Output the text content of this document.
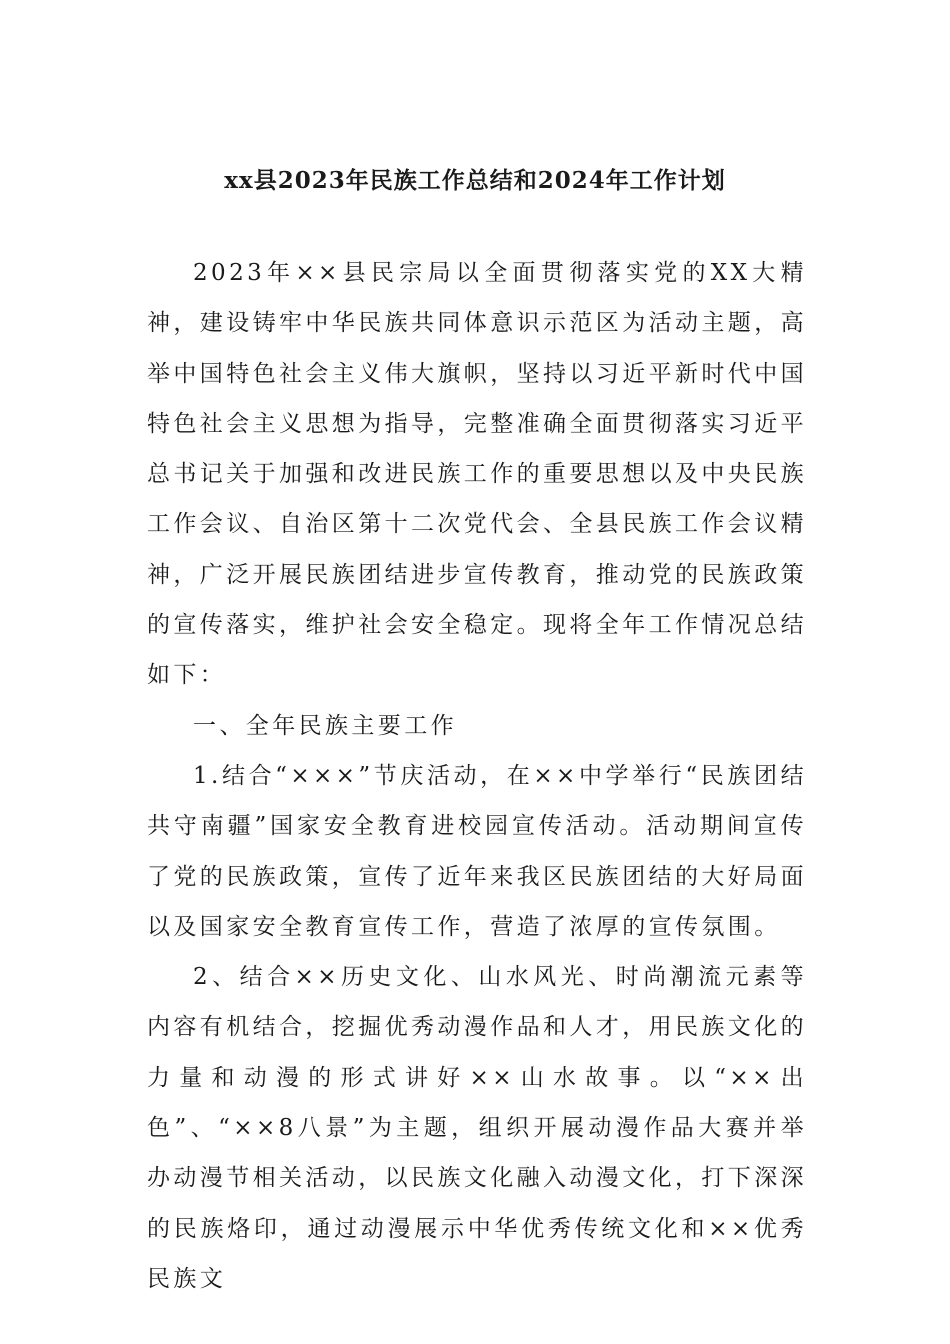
xx县2023年民族工作总结和2024年工作计划

2023年××县民宗局以全面贯彻落实党的XX大精神，建设铸牢中华民族共同体意识示范区为活动主题，高举中国特色社会主义伟大旗帜，坚持以习近平新时代中国特色社会主义思想为指导，完整准确全面贯彻落实习近平总书记关于加强和改进民族工作的重要思想以及中央民族工作会议、自治区第十二次党代会、全县民族工作会议精神，广泛开展民族团结进步宣传教育，推动党的民族政策的宣传落实，维护社会安全稳定。现将全年工作情况总结如下：

一、全年民族主要工作

1.结合“×××”节庆活动，在××中学举行“民族团结共守南疆”国家安全教育进校园宣传活动。活动期间宣传了党的民族政策，宣传了近年来我区民族团结的大好局面以及国家安全教育宣传工作，营造了浓厚的宣传氛围。

2、结合××历史文化、山水风光、时尚潮流元素等内容有机结合，挖掘优秀动漫作品和人才，用民族文化的力量和动漫的形式讲好××山水故事。以“××出色”、“××8八景”为主题，组织开展动漫作品大赛并举办动漫节相关活动，以民族文化融入动漫文化，打下深深的民族烙印，通过动漫展示中华优秀传统文化和××优秀民族文
